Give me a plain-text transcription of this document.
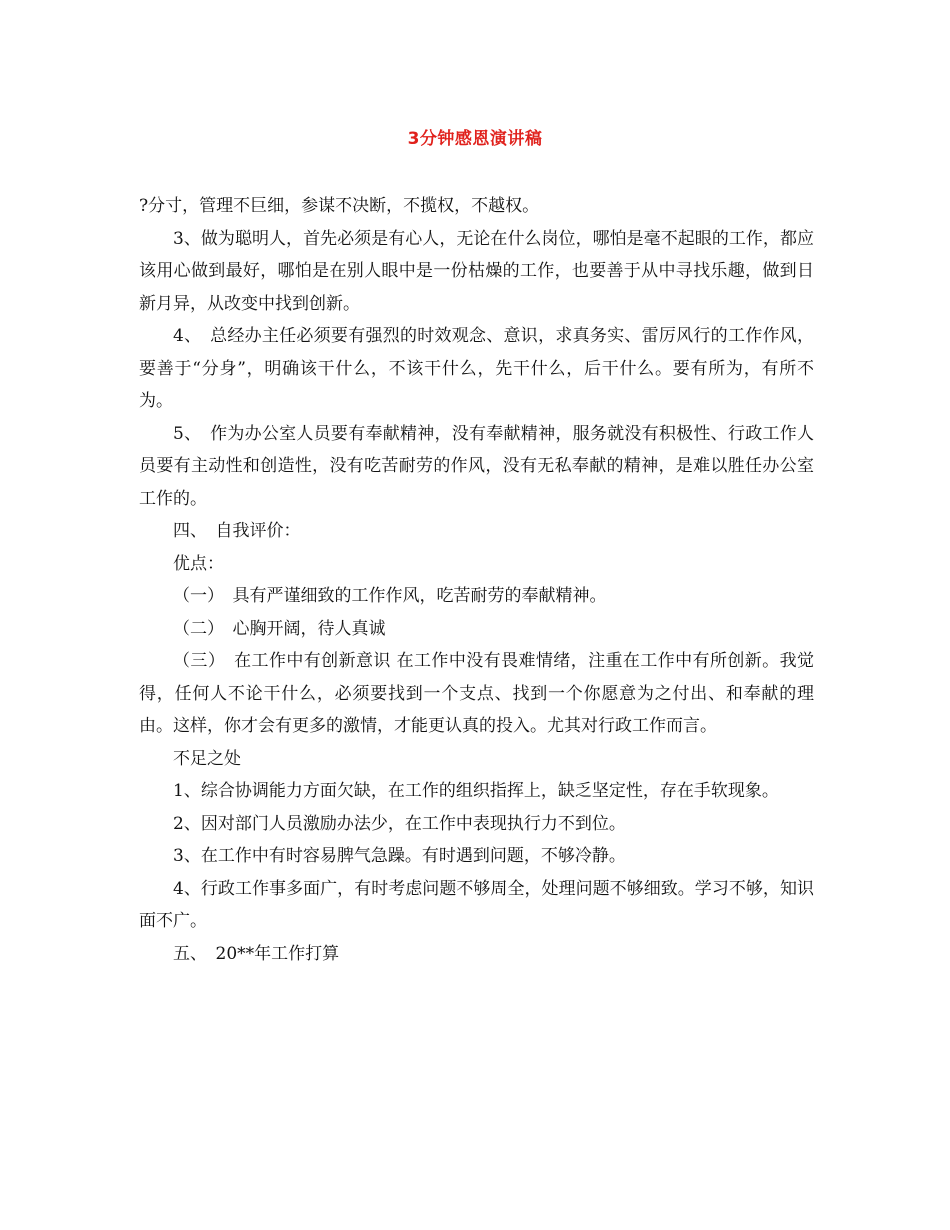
3分钟感恩演讲稿

?分寸，管理不巨细，参谋不决断，不揽权，不越权。

3、做为聪明人，首先必须是有心人，无论在什么岗位，哪怕是毫不起眼的工作，都应该用心做到最好，哪怕是在别人眼中是一份枯燥的工作，也要善于从中寻找乐趣，做到日新月异，从改变中找到创新。

4、　总经办主任必须要有强烈的时效观念、意识，求真务实、雷厉风行的工作作风，要善于“分身”，明确该干什么，不该干什么，先干什么，后干什么。要有所为，有所不为。

5、　作为办公室人员要有奉献精神，没有奉献精神，服务就没有积极性、行政工作人员要有主动性和创造性，没有吃苦耐劳的作风，没有无私奉献的精神，是难以胜任办公室工作的。

四、　自我评价：

优点：

（一）　具有严谨细致的工作作风，吃苦耐劳的奉献精神。

（二）　心胸开阔，待人真诚

（三）　在工作中有创新意识 在工作中没有畏难情绪，注重在工作中有所创新。我觉得，任何人不论干什么，必须要找到一个支点、找到一个你愿意为之付出、和奉献的理由。这样，你才会有更多的激情，才能更认真的投入。尤其对行政工作而言。

不足之处

1、综合协调能力方面欠缺，在工作的组织指挥上，缺乏坚定性，存在手软现象。

2、因对部门人员激励办法少，在工作中表现执行力不到位。

3、在工作中有时容易脾气急躁。有时遇到问题，不够冷静。

4、行政工作事多面广，有时考虑问题不够周全，处理问题不够细致。学习不够，知识面不广。

五、　20**年工作打算
